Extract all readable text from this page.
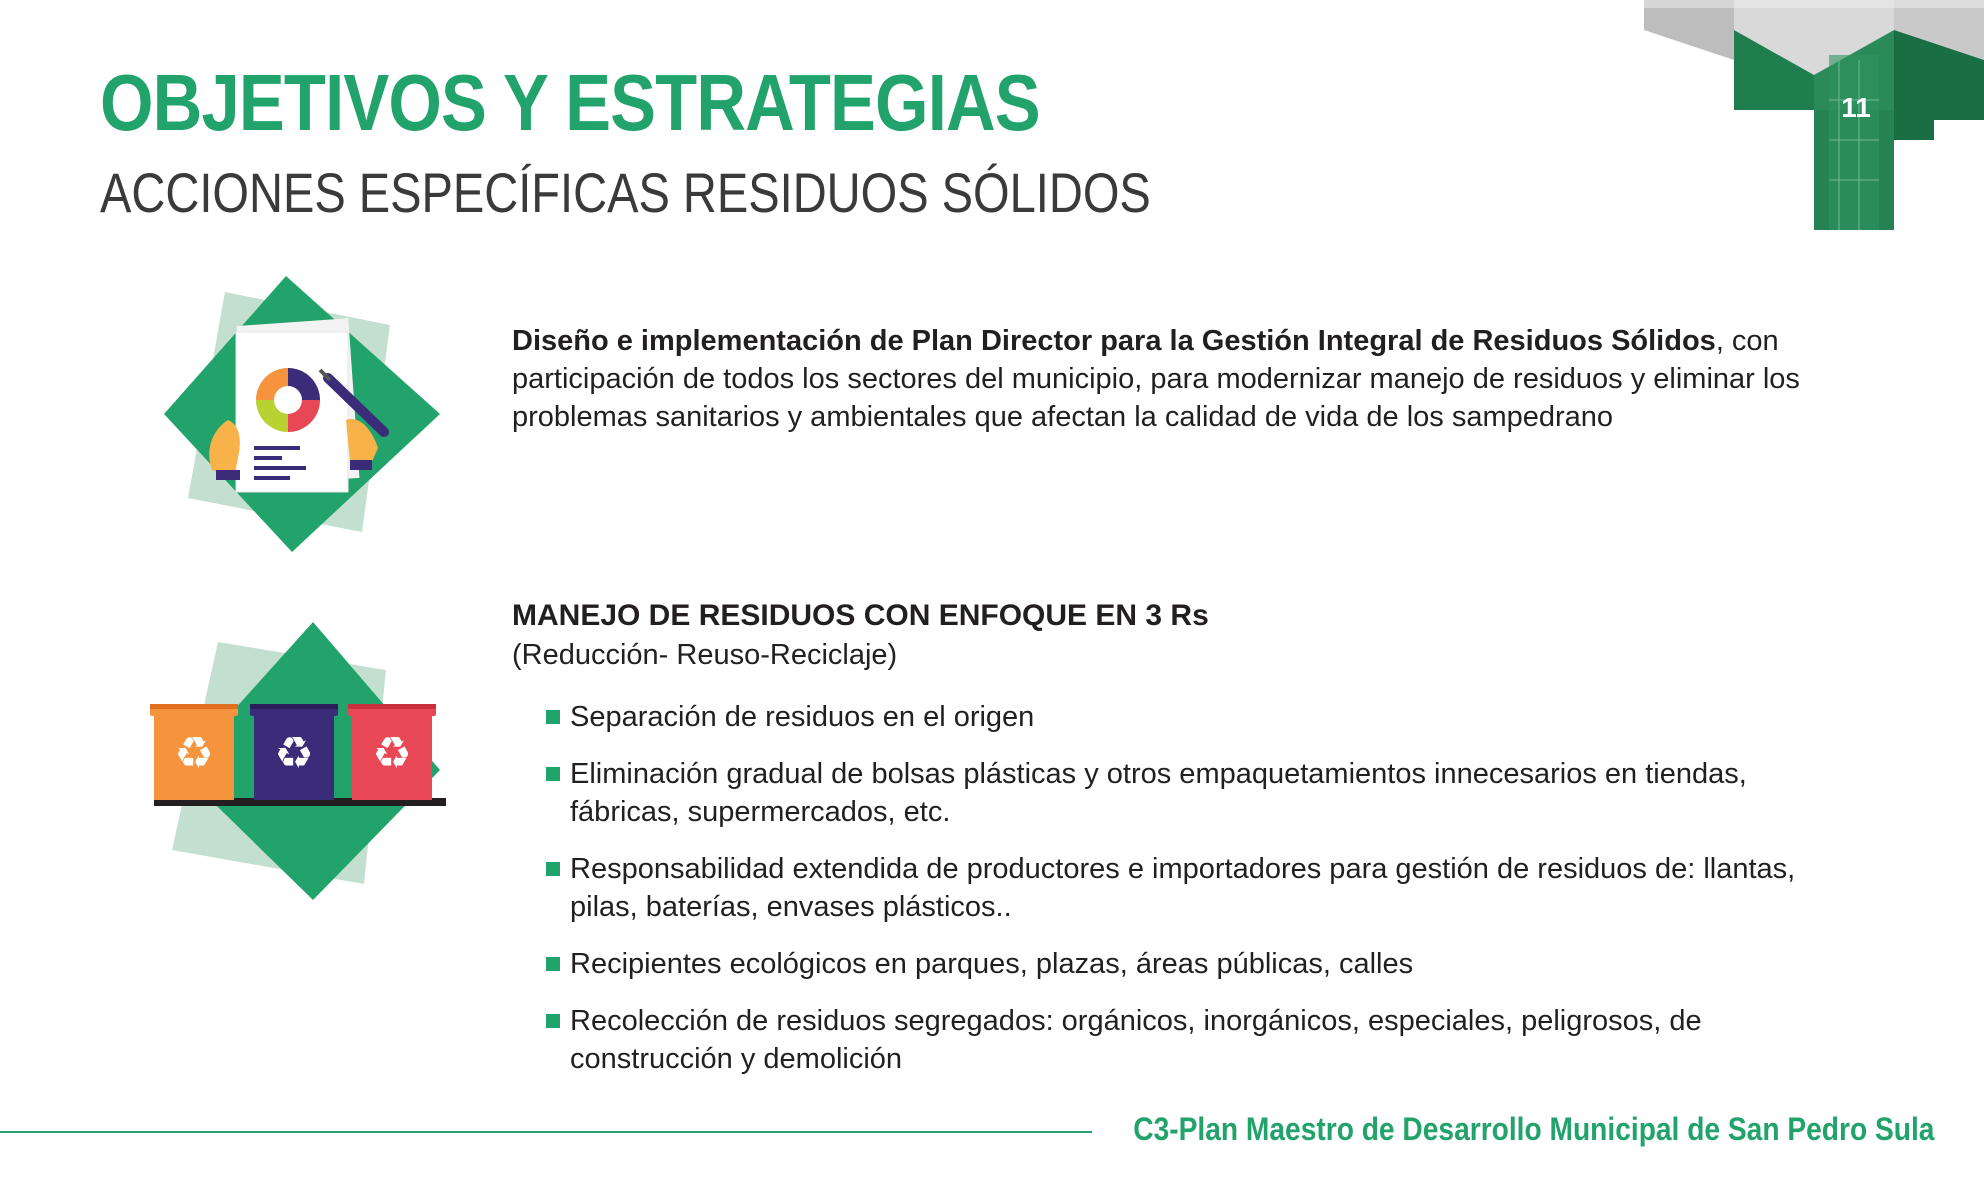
OBJETIVOS Y ESTRATEGIAS
ACCIONES ESPECÍFICAS RESIDUOS SÓLIDOS
11
Diseño e implementación de Plan Director para la Gestión Integral de Residuos Sólidos, con participación de todos los sectores del municipio, para modernizar manejo de residuos y eliminar los problemas sanitarios y ambientales que afectan la calidad de vida de los sampedrano
♻ ♻ ♻
MANEJO DE RESIDUOS CON ENFOQUE EN 3 Rs
(Reducción- Reuso-Reciclaje)
Separación de residuos en el origen
Eliminación gradual de bolsas plásticas y otros empaquetamientos innecesarios en tiendas, fábricas, supermercados, etc.
Responsabilidad extendida de productores e importadores para gestión de residuos de: llantas, pilas, baterías, envases plásticos..
Recipientes ecológicos en parques, plazas, áreas públicas, calles
Recolección de residuos segregados: orgánicos, inorgánicos, especiales, peligrosos, de construcción y demolición
C3-Plan Maestro de Desarrollo Municipal de San Pedro Sula
